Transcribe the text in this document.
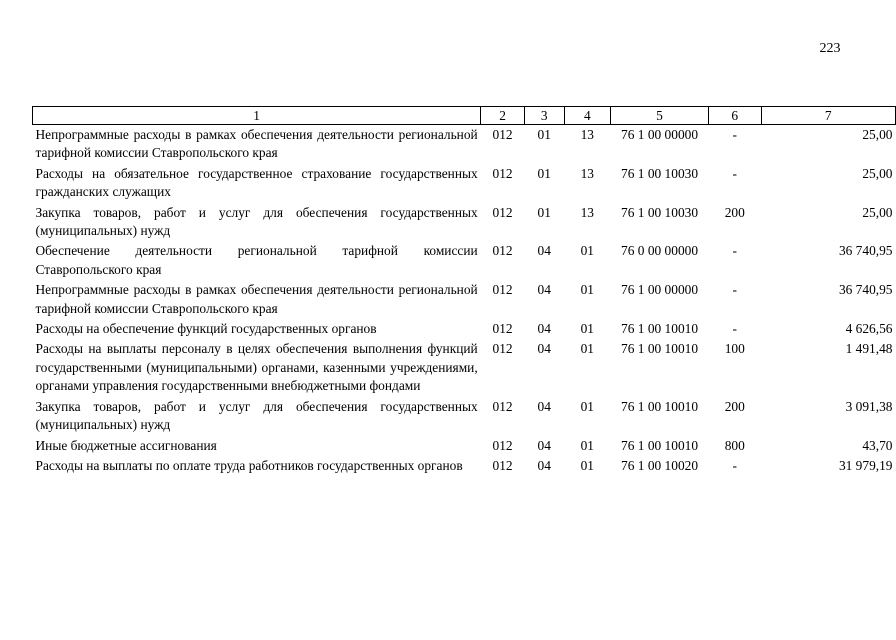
223
1	2	3	4	5	6	7
Непрограммные расходы в рамках обеспечения деятельности региональной тарифной комиссии Ставропольского края	012	01	13	76 1 00 00000	-	25,00
Расходы на обязательное государственное страхование государственных гражданских служащих	012	01	13	76 1 00 10030	-	25,00
Закупка товаров, работ и услуг для обеспечения государственных (муниципальных) нужд	012	01	13	76 1 00 10030	200	25,00
Обеспечение деятельности региональной тарифной комиссии Ставропольского края	012	04	01	76 0 00 00000	-	36 740,95
Непрограммные расходы в рамках обеспечения деятельности региональной тарифной комиссии Ставропольского края	012	04	01	76 1 00 00000	-	36 740,95
Расходы на обеспечение функций государственных органов	012	04	01	76 1 00 10010	-	4 626,56
Расходы на выплаты персоналу в целях обеспечения выполнения функций государственными (муниципальными) органами, казенными учреждениями, органами управления государственными внебюджетными фондами	012	04	01	76 1 00 10010	100	1 491,48
Закупка товаров, работ и услуг для обеспечения государственных (муниципальных) нужд	012	04	01	76 1 00 10010	200	3 091,38
Иные бюджетные ассигнования	012	04	01	76 1 00 10010	800	43,70
Расходы на выплаты по оплате труда работников государственных органов	012	04	01	76 1 00 10020	-	31 979,19
